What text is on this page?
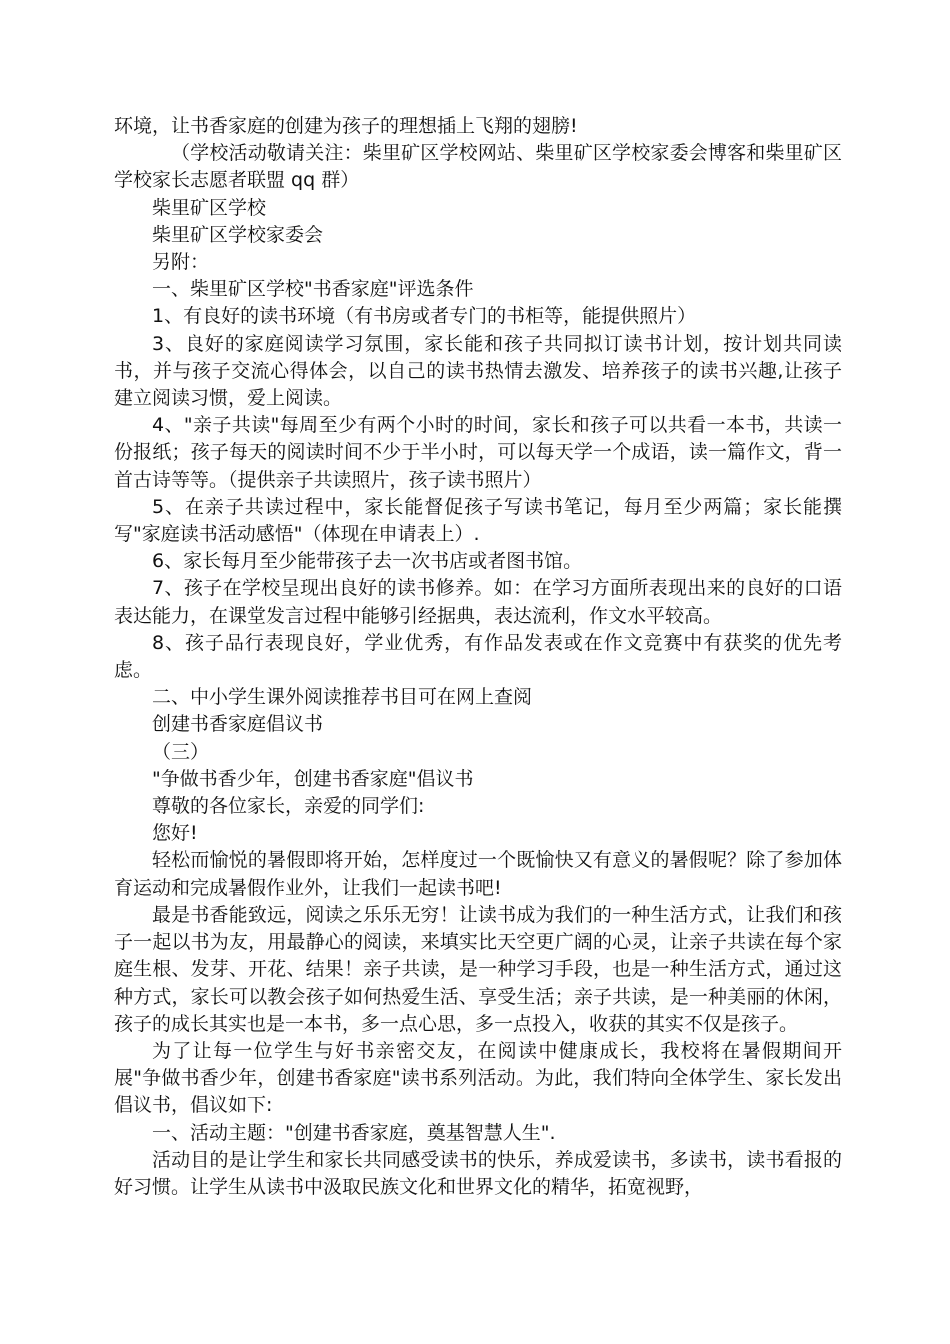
环境，让书香家庭的创建为孩子的理想插上飞翔的翅膀!

（学校活动敬请关注：柴里矿区学校网站、柴里矿区学校家委会博客和柴里矿区学校家长志愿者联盟 qq 群）

柴里矿区学校

柴里矿区学校家委会

另附：

一、柴里矿区学校"书香家庭"评选条件

1、有良好的读书环境（有书房或者专门的书柜等，能提供照片）

3、良好的家庭阅读学习氛围，家长能和孩子共同拟订读书计划，按计划共同读书，并与孩子交流心得体会，以自己的读书热情去激发、培养孩子的读书兴趣,让孩子建立阅读习惯，爱上阅读。

4、"亲子共读"每周至少有两个小时的时间，家长和孩子可以共看一本书，共读一份报纸；孩子每天的阅读时间不少于半小时，可以每天学一个成语，读一篇作文，背一首古诗等等。（提供亲子共读照片，孩子读书照片）

5、在亲子共读过程中，家长能督促孩子写读书笔记，每月至少两篇；家长能撰写"家庭读书活动感悟"（体现在申请表上）.

6、家长每月至少能带孩子去一次书店或者图书馆。

7、孩子在学校呈现出良好的读书修养。如：在学习方面所表现出来的良好的口语表达能力，在课堂发言过程中能够引经据典，表达流利，作文水平较高。

8、孩子品行表现良好，学业优秀，有作品发表或在作文竞赛中有获奖的优先考虑。

二、中小学生课外阅读推荐书目可在网上查阅

创建书香家庭倡议书

（三）

"争做书香少年，创建书香家庭"倡议书

尊敬的各位家长，亲爱的同学们:

您好!

轻松而愉悦的暑假即将开始，怎样度过一个既愉快又有意义的暑假呢？除了参加体育运动和完成暑假作业外，让我们一起读书吧!

最是书香能致远，阅读之乐乐无穷！让读书成为我们的一种生活方式，让我们和孩子一起以书为友，用最静心的阅读，来填实比天空更广阔的心灵，让亲子共读在每个家庭生根、发芽、开花、结果！亲子共读，是一种学习手段，也是一种生活方式，通过这种方式，家长可以教会孩子如何热爱生活、享受生活；亲子共读，是一种美丽的休闲，孩子的成长其实也是一本书，多一点心思，多一点投入，收获的其实不仅是孩子。

为了让每一位学生与好书亲密交友，在阅读中健康成长，我校将在暑假期间开展"争做书香少年，创建书香家庭"读书系列活动。为此，我们特向全体学生、家长发出倡议书，倡议如下:

一、活动主题："创建书香家庭，奠基智慧人生".

活动目的是让学生和家长共同感受读书的快乐，养成爱读书，多读书，读书看报的好习惯。让学生从读书中汲取民族文化和世界文化的精华，拓宽视野，
